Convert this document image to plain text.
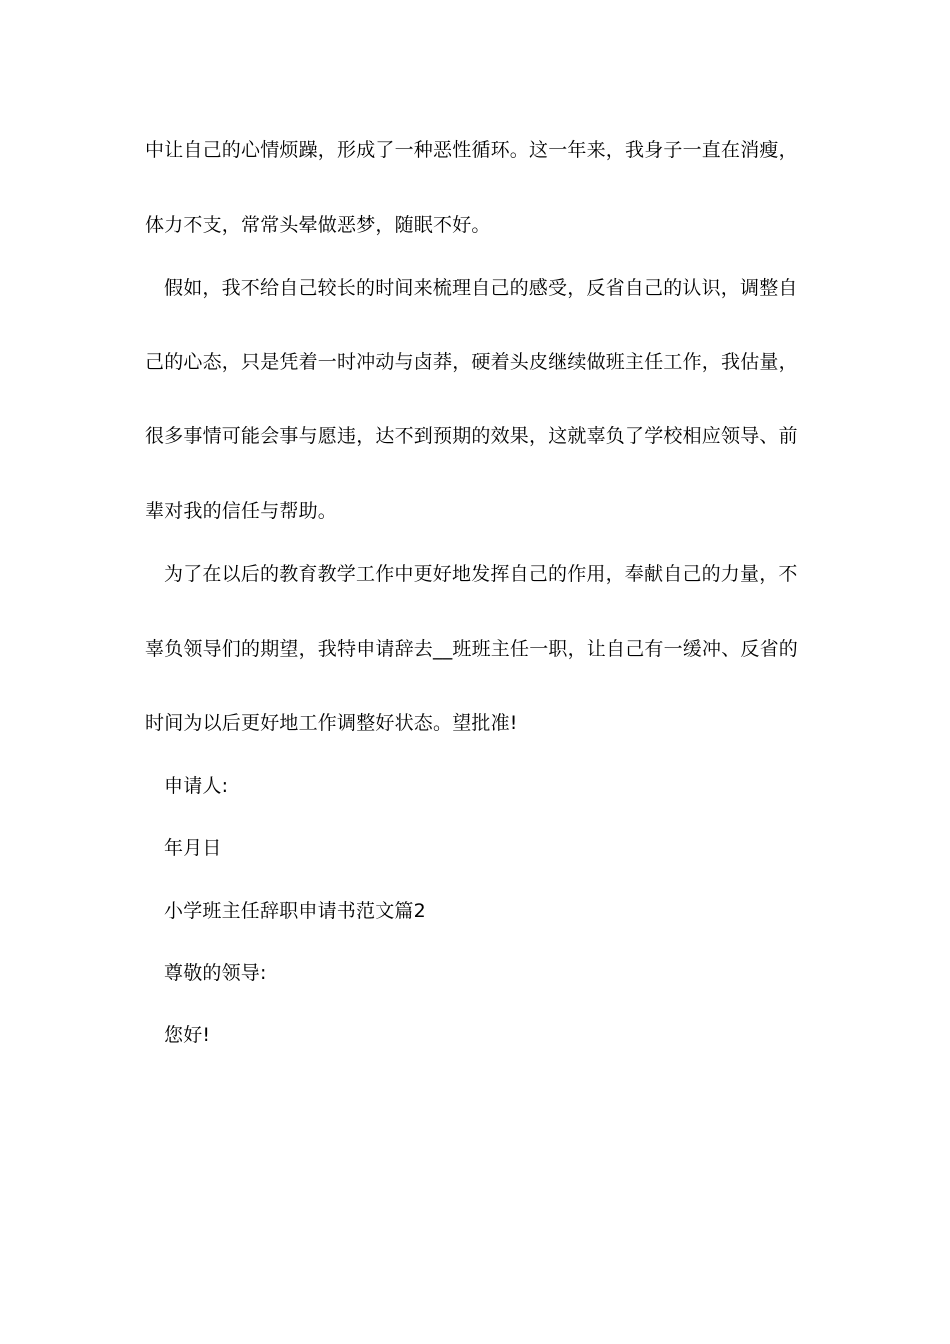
中让自己的心情烦躁，形成了一种恶性循环。这一年来，我身子一直在消瘦，
体力不支，常常头晕做恶梦，随眠不好。
假如，我不给自己较长的时间来梳理自己的感受，反省自己的认识，调整自
己的心态，只是凭着一时冲动与卤莽，硬着头皮继续做班主任工作，我估量，
很多事情可能会事与愿违，达不到预期的效果，这就辜负了学校相应领导、前
辈对我的信任与帮助。
为了在以后的教育教学工作中更好地发挥自己的作用，奉献自己的力量，不
辜负领导们的期望，我特申请辞去__班班主任一职，让自己有一缓冲、反省的
时间为以后更好地工作调整好状态。望批准!
申请人:
年月日
小学班主任辞职申请书范文篇2
尊敬的领导:
您好!
